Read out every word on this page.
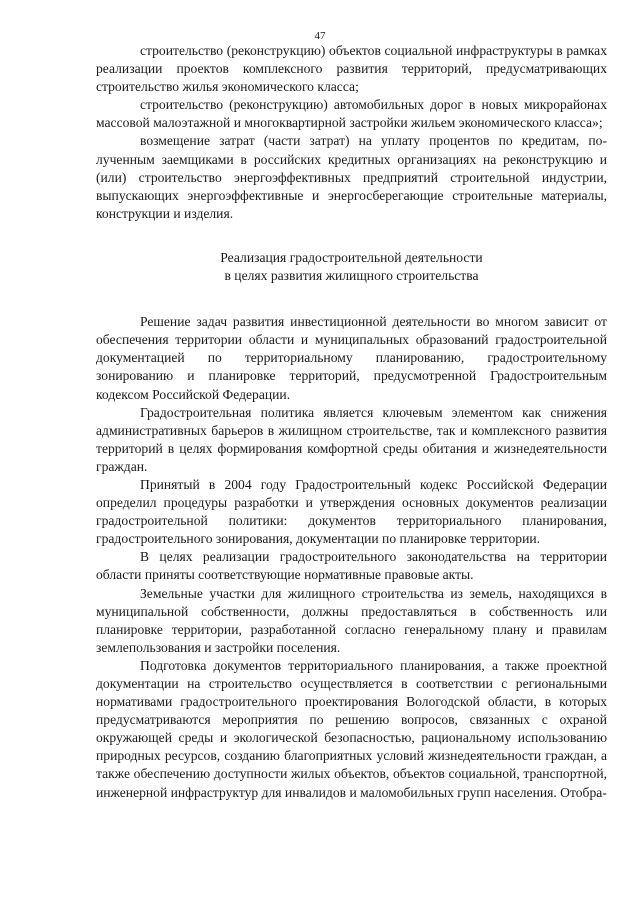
47

строительство (реконструкцию) объектов социальной инфраструктуры в рамках реализации проектов комплексного развития территорий, предусматривающих строительство жилья экономического класса;

строительство (реконструкцию) автомобильных дорог в новых микрорайонах массовой малоэтажной и многоквартирной застройки жильем экономического класса»;

возмещение затрат (части затрат) на уплату процентов по кредитам, полученным заемщиками в российских кредитных организациях на реконструкцию и (или) строительство энергоэффективных предприятий строительной индустрии, выпускающих энергоэффективные и энергосберегающие строительные материалы, конструкции и изделия.

Реализация градостроительной деятельности
в целях развития жилищного строительства

Решение задач развития инвестиционной деятельности во многом зависит от обеспечения территории области и муниципальных образований градостроительной документацией по территориальному планированию, градостроительному зонированию и планировке территорий, предусмотренной Градостроительным кодексом Российской Федерации.

Градостроительная политика является ключевым элементом как снижения административных барьеров в жилищном строительстве, так и комплексного развития территорий в целях формирования комфортной среды обитания и жизнедеятельности граждан.

Принятый в 2004 году Градостроительный кодекс Российской Федерации определил процедуры разработки и утверждения основных документов реализации градостроительной политики: документов территориального планирования, градостроительного зонирования, документации по планировке территории.

В целях реализации градостроительного законодательства на территории области приняты соответствующие нормативные правовые акты.

Земельные участки для жилищного строительства из земель, находящихся в муниципальной собственности, должны предоставляться в собственность или планировке территории, разработанной согласно генеральному плану и правилам землепользования и застройки поселения.

Подготовка документов территориального планирования, а также проектной документации на строительство осуществляется в соответствии с региональными нормативами градостроительного проектирования Вологодской области, в которых предусматриваются мероприятия по решению вопросов, связанных с охраной окружающей среды и экологической безопасностью, рациональному использованию природных ресурсов, созданию благоприятных условий жизнедеятельности граждан, а также обеспечению доступности жилых объектов, объектов социальной, транспортной, инженерной инфраструктур для инвалидов и маломобильных групп населения. Отобра-
